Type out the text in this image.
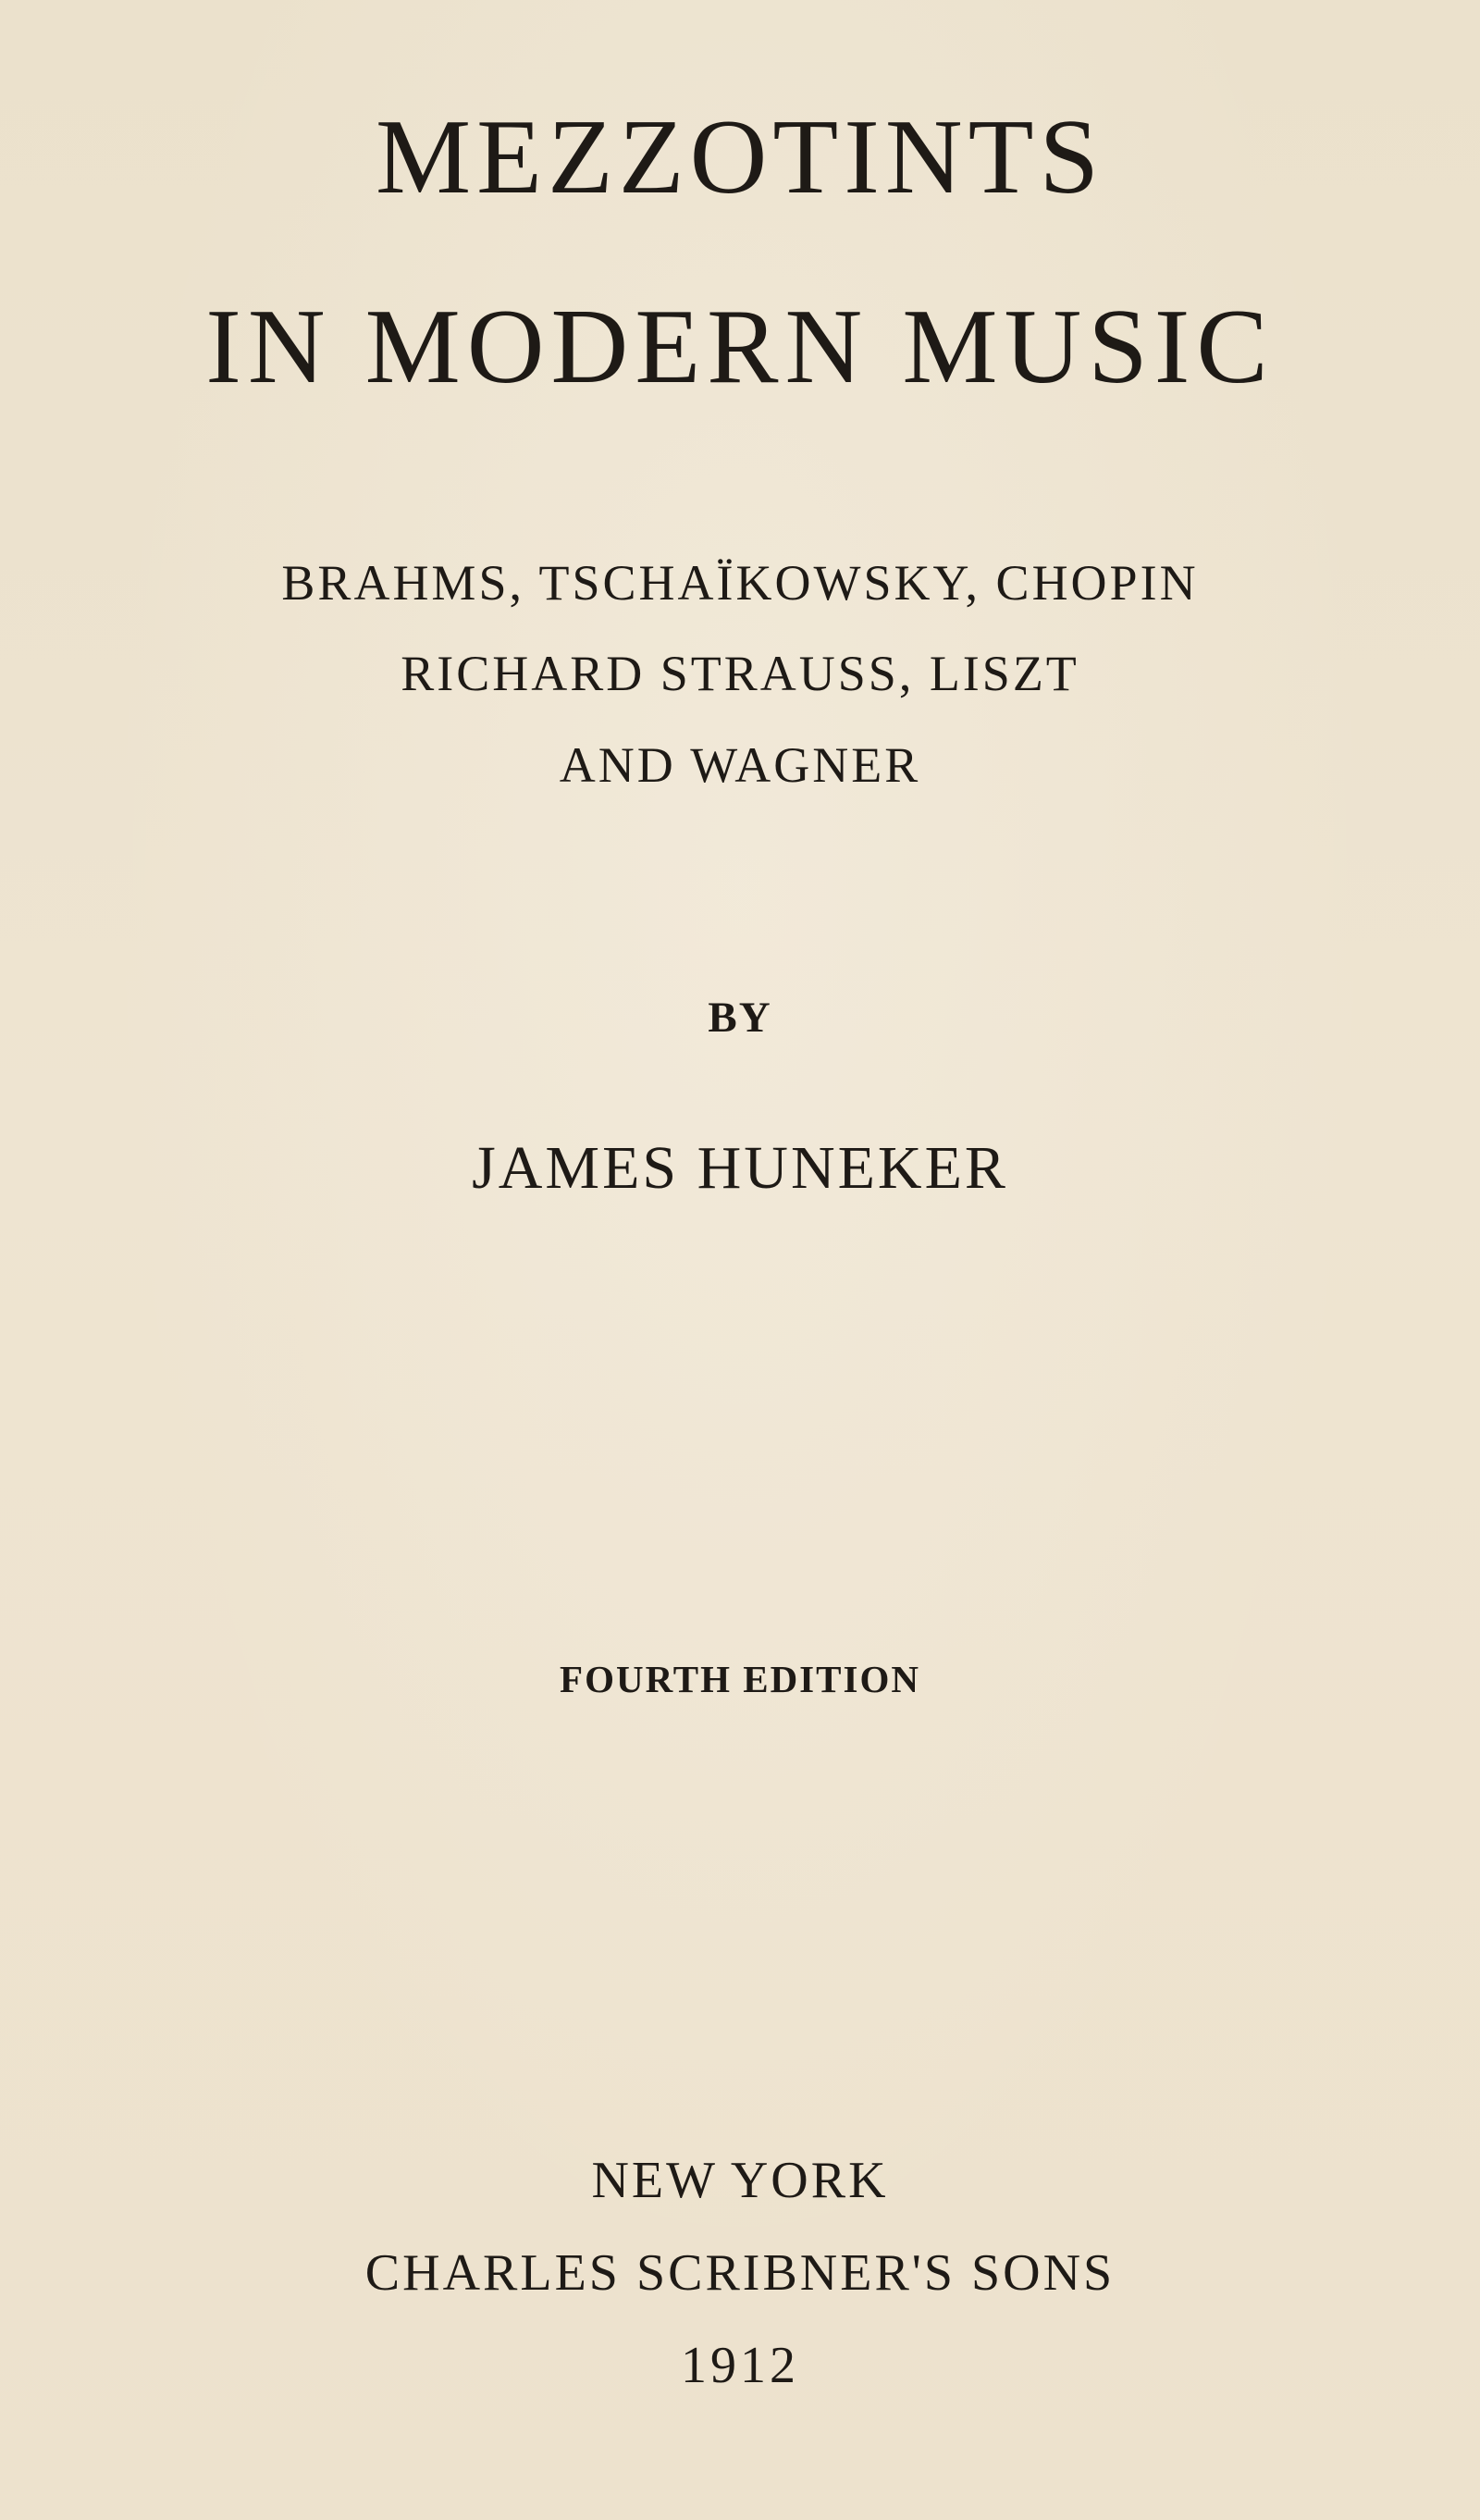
MEZZOTINTS
IN MODERN MUSIC
BRAHMS, TSCHAÏKOWSKY, CHOPIN
RICHARD STRAUSS, LISZT
AND WAGNER
BY
JAMES HUNEKER
FOURTH EDITION
NEW YORK
CHARLES SCRIBNER'S SONS
1912
